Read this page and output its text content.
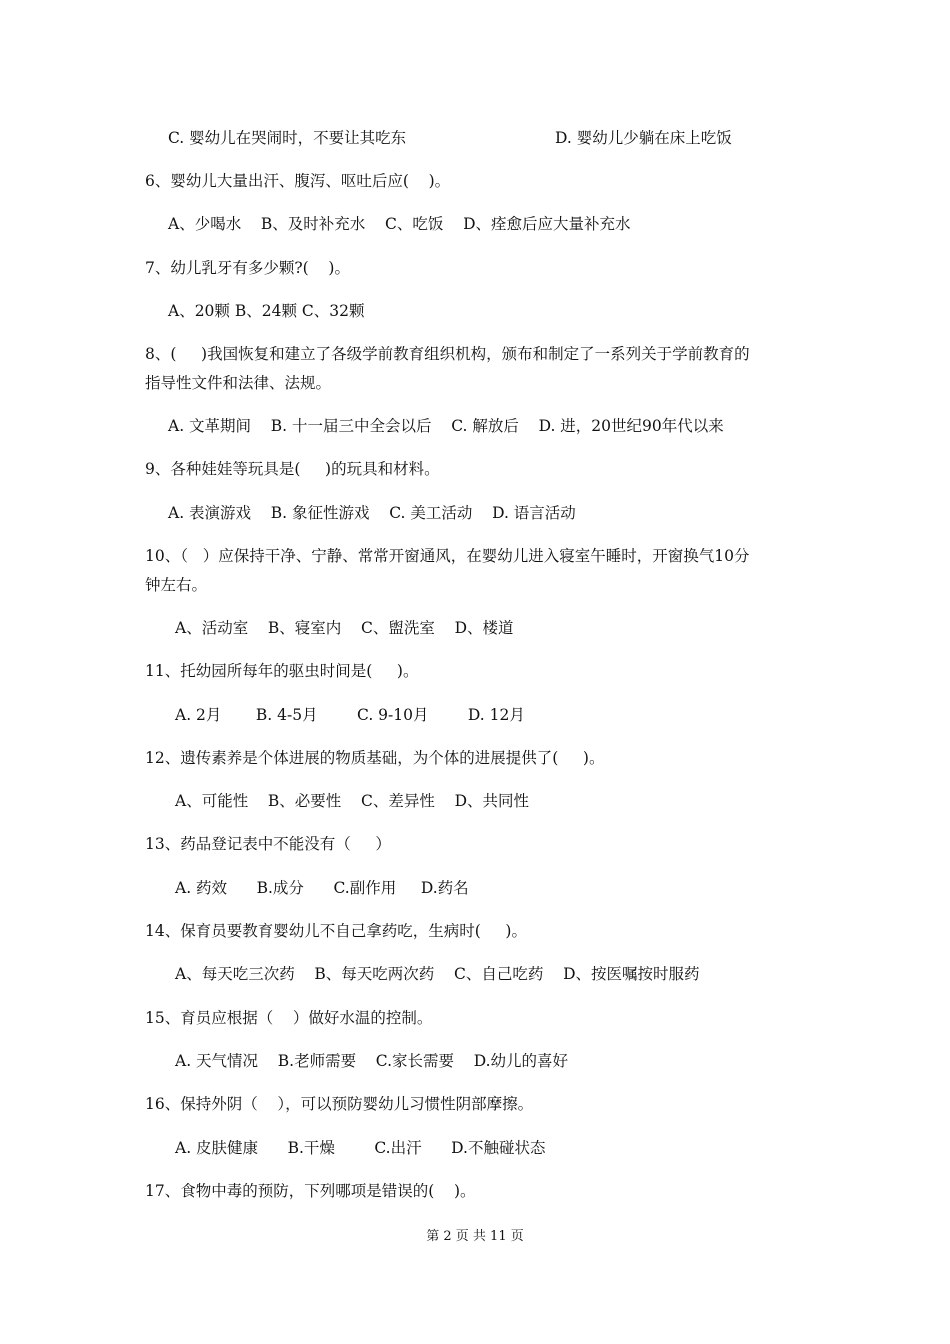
C. 婴幼儿在哭闹时，不要让其吃东	D. 婴幼儿少躺在床上吃饭

6、婴幼儿大量出汗、腹泻、呕吐后应(    )。

A、少喝水    B、及时补充水    C、吃饭    D、痊愈后应大量补充水

7、幼儿乳牙有多少颗?(    )。

A、20颗 B、24颗 C、32颗

8、(     )我国恢复和建立了各级学前教育组织机构，颁布和制定了一系列关于学前教育的

指导性文件和法律、法规。

A. 文革期间    B. 十一届三中全会以后    C. 解放后    D. 进，20世纪90年代以来

9、各种娃娃等玩具是(     )的玩具和材料。

A. 表演游戏    B. 象征性游戏    C. 美工活动    D. 语言活动

10、（   ）应保持干净、宁静、常常开窗通风，在婴幼儿进入寝室午睡时，开窗换气10分

钟左右。

A、活动室    B、寝室内    C、盥洗室    D、楼道

11、托幼园所每年的驱虫时间是(     )。

A. 2月       B. 4-5月        C. 9-10月        D. 12月

12、遗传素养是个体进展的物质基础，为个体的进展提供了(     )。

A、可能性    B、必要性    C、差异性    D、共同性

13、药品登记表中不能没有（     ）

A. 药效      B.成分      C.副作用     D.药名

14、保育员要教育婴幼儿不自己拿药吃，生病时(     )。

A、每天吃三次药    B、每天吃两次药    C、自己吃药    D、按医嘱按时服药

15、育员应根据（    ）做好水温的控制。

A. 天气情况    B.老师需要    C.家长需要    D.幼儿的喜好

16、保持外阴（    ），可以预防婴幼儿习惯性阴部摩擦。

A. 皮肤健康      B.干燥        C.出汗      D.不触碰状态

17、食物中毒的预防，下列哪项是错误的(    )。

第 2 页 共 11 页
